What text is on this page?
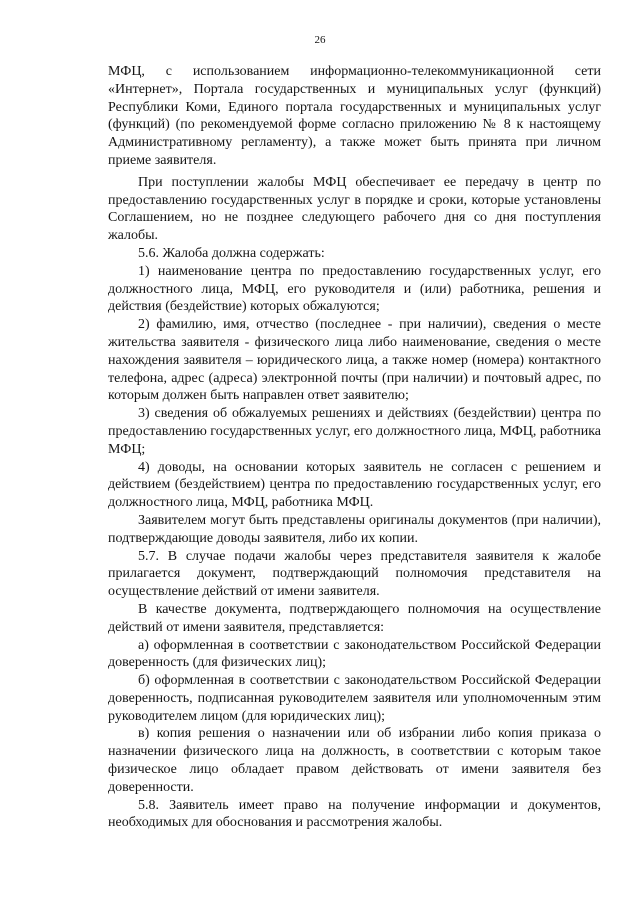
26

МФЦ, с использованием информационно-телекоммуникационной сети «Интернет», Портала государственных и муниципальных услуг (функций) Республики Коми, Единого портала государственных и муниципальных услуг (функций) (по рекомендуемой форме согласно приложению № 8 к настоящему Административному регламенту), а также может быть принята при личном приеме заявителя.

При поступлении жалобы МФЦ обеспечивает ее передачу в центр по предоставлению государственных услуг в порядке и сроки, которые установлены Соглашением, но не позднее следующего рабочего дня со дня поступления жалобы.

5.6. Жалоба должна содержать:

1) наименование центра по предоставлению государственных услуг, его должностного лица, МФЦ, его руководителя и (или) работника, решения и действия (бездействие) которых обжалуются;

2) фамилию, имя, отчество (последнее - при наличии), сведения о месте жительства заявителя - физического лица либо наименование, сведения о месте нахождения заявителя – юридического лица, а также номер (номера) контактного телефона, адрес (адреса) электронной почты (при наличии) и почтовый адрес, по которым должен быть направлен ответ заявителю;

3) сведения об обжалуемых решениях и действиях (бездействии) центра по предоставлению государственных услуг, его должностного лица, МФЦ, работника МФЦ;

4) доводы, на основании которых заявитель не согласен с решением и действием (бездействием) центра по предоставлению государственных услуг, его должностного лица, МФЦ, работника МФЦ.

Заявителем могут быть представлены оригиналы документов (при наличии), подтверждающие доводы заявителя, либо их копии.

5.7. В случае подачи жалобы через представителя заявителя к жалобе прилагается документ, подтверждающий полномочия представителя на осуществление действий от имени заявителя.

В качестве документа, подтверждающего полномочия на осуществление действий от имени заявителя, представляется:

а) оформленная в соответствии с законодательством Российской Федерации доверенность (для физических лиц);

б) оформленная в соответствии с законодательством Российской Федерации доверенность, подписанная руководителем заявителя или уполномоченным этим руководителем лицом (для юридических лиц);

в) копия решения о назначении или об избрании либо копия приказа о назначении физического лица на должность, в соответствии с которым такое физическое лицо обладает правом действовать от имени заявителя без доверенности.

5.8. Заявитель имеет право на получение информации и документов, необходимых для обоснования и рассмотрения жалобы.
